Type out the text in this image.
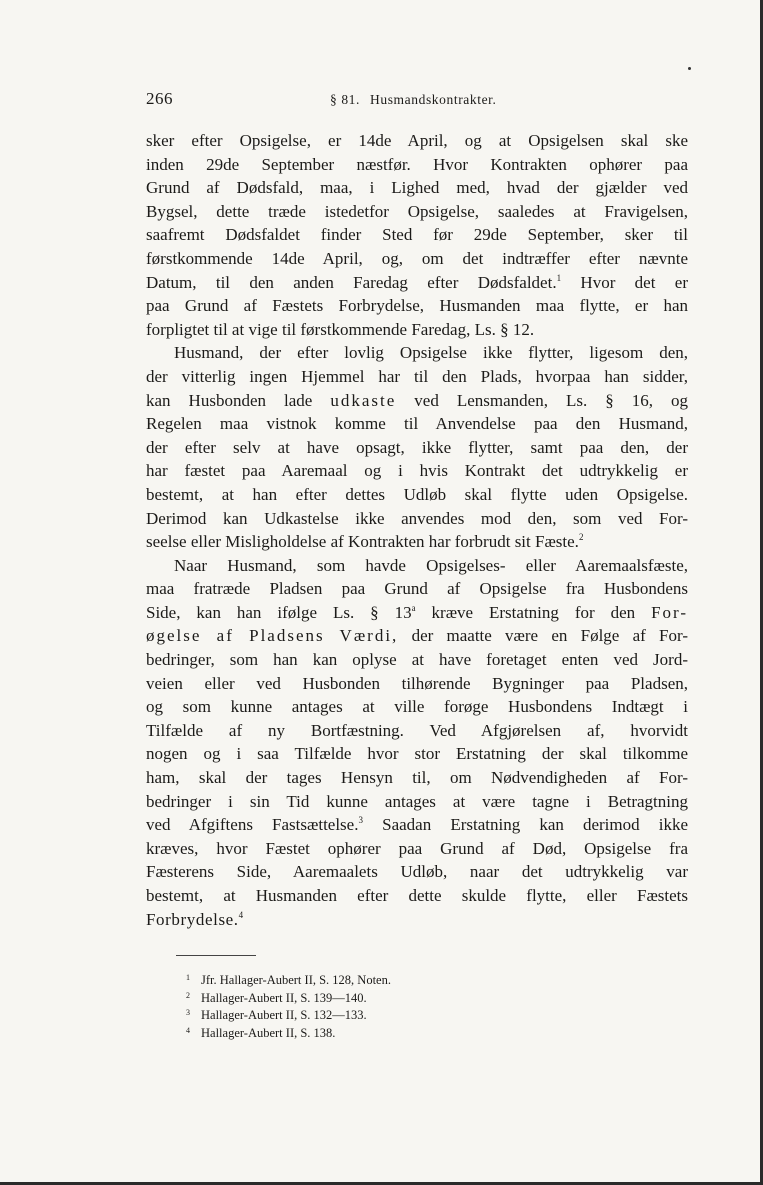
266	§ 81. Husmandskontrakter.
sker efter Opsigelse, er 14de April, og at Opsigelsen skal ske
inden 29de September næstfør. Hvor Kontrakten ophører paa
Grund af Dødsfald, maa, i Lighed med, hvad der gjælder ved
Bygsel, dette træde istedetfor Opsigelse, saaledes at Fravigelsen,
saafremt Dødsfaldet finder Sted før 29de September, sker til
førstkommende 14de April, og, om det indtræffer efter nævnte
Datum, til den anden Faredag efter Dødsfaldet.$^1$ Hvor det er
paa Grund af Fæstets Forbrydelse, Husmanden maa flytte, er han
forpligtet til at vige til førstkommende Faredag, Ls. § 12.
Husmand, der efter lovlig Opsigelse ikke flytter, ligesom den,
der vitterlig ingen Hjemmel har til den Plads, hvorpaa han sidder,
kan Husbonden lade udkaste ved Lensmanden, Ls. § 16, og
Regelen maa vistnok komme til Anvendelse paa den Husmand,
der efter selv at have opsagt, ikke flytter, samt paa den, der
har fæstet paa Aaremaal og i hvis Kontrakt det udtrykkelig er
bestemt, at han efter dettes Udløb skal flytte uden Opsigelse.
Derimod kan Udkastelse ikke anvendes mod den, som ved For-
seelse eller Misligholdelse af Kontrakten har forbrudt sit Fæste.$^2$
Naar Husmand, som havde Opsigelses- eller Aaremaalsfæste,
maa fratræde Pladsen paa Grund af Opsigelse fra Husbondens
Side, kan han ifølge Ls. § 13$^a$ kræve Erstatning for den For-
øgelse af Pladsens Værdi, der maatte være en Følge af For-
bedringer, som han kan oplyse at have foretaget enten ved Jord-
veien eller ved Husbonden tilhørende Bygninger paa Pladsen,
og som kunne antages at ville forøge Husbondens Indtægt i
Tilfælde af ny Bortfæstning. Ved Afgjørelsen af, hvorvidt
nogen og i saa Tilfælde hvor stor Erstatning der skal tilkomme
ham, skal der tages Hensyn til, om Nødvendigheden af For-
bedringer i sin Tid kunne antages at være tagne i Betragtning
ved Afgiftens Fastsættelse.$^3$ Saadan Erstatning kan derimod ikke
kræves, hvor Fæstet ophører paa Grund af Død, Opsigelse fra
Fæsterens Side, Aaremaalets Udløb, naar det udtrykkelig var
bestemt, at Husmanden efter dette skulde flytte, eller Fæstets
Forbrydelse.$^4$
1 Jfr. Hallager-Aubert II, S. 128, Noten.
2 Hallager-Aubert II, S. 139—140.
3 Hallager-Aubert II, S. 132—133.
4 Hallager-Aubert II, S. 138.
